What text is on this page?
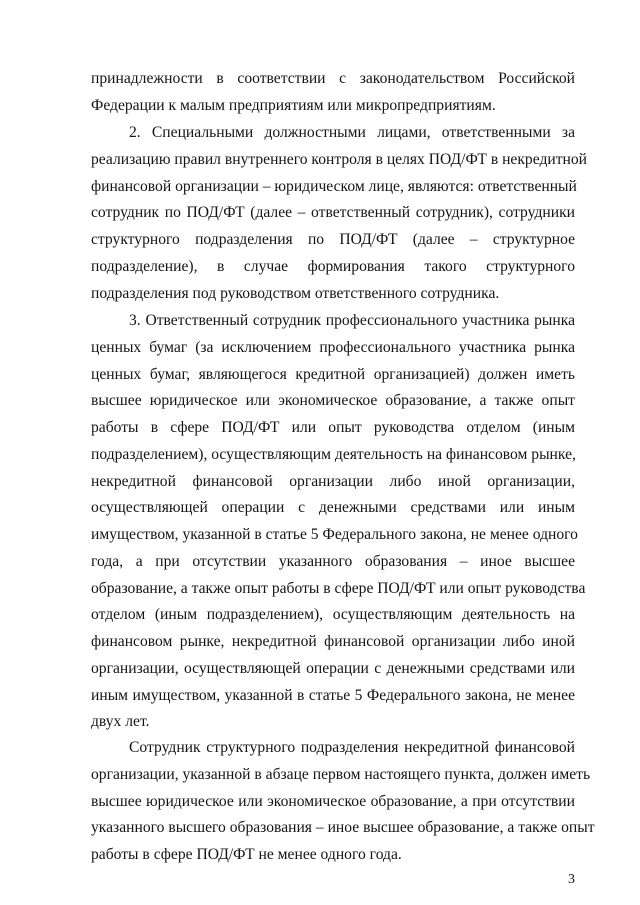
принадлежности в соответствии с законодательством Российской
Федерации к малым предприятиям или микропредприятиям.
2. Специальными должностными лицами, ответственными за
реализацию правил внутреннего контроля в целях ПОД/ФТ в некредитной
финансовой организации – юридическом лице, являются: ответственный
сотрудник по ПОД/ФТ (далее – ответственный сотрудник), сотрудники
структурного подразделения по ПОД/ФТ (далее – структурное
подразделение), в случае формирования такого структурного
подразделения под руководством ответственного сотрудника.
3. Ответственный сотрудник профессионального участника рынка
ценных бумаг (за исключением профессионального участника рынка
ценных бумаг, являющегося кредитной организацией) должен иметь
высшее юридическое или экономическое образование, а также опыт
работы в сфере ПОД/ФТ или опыт руководства отделом (иным
подразделением), осуществляющим деятельность на финансовом рынке,
некредитной финансовой организации либо иной организации,
осуществляющей операции с денежными средствами или иным
имуществом, указанной в статье 5 Федерального закона, не менее одного
года, а при отсутствии указанного образования – иное высшее
образование, а также опыт работы в сфере ПОД/ФТ или опыт руководства
отделом (иным подразделением), осуществляющим деятельность на
финансовом рынке, некредитной финансовой организации либо иной
организации, осуществляющей операции с денежными средствами или
иным имуществом, указанной в статье 5 Федерального закона, не менее
двух лет.
Сотрудник структурного подразделения некредитной финансовой
организации, указанной в абзаце первом настоящего пункта, должен иметь
высшее юридическое или экономическое образование, а при отсутствии
указанного высшего образования – иное высшее образование, а также опыт
работы в сфере ПОД/ФТ не менее одного года.
3
